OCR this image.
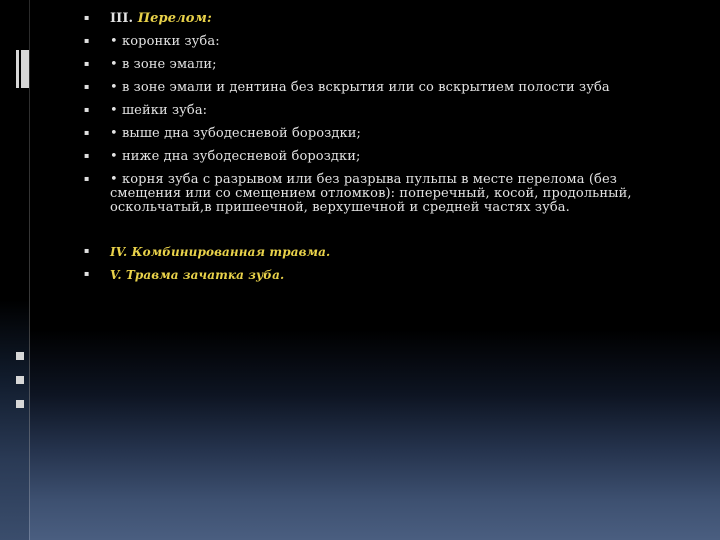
▪
III. Перелом:
▪
• коронки зуба:
▪
• в зоне эмали;
▪
• в зоне эмали и дентина без вскрытия или со вскрытием полости зуба
▪
• шейки зуба:
▪
• выше дна зубодесневой бороздки;
▪
• ниже дна зубодесневой бороздки;
▪
• корня зуба с разрывом или без разрыва пульпы в месте перелома (без смещения или со смещением отломков): поперечный, косой, продольный, оскольчатый,в пришеечной, верхушечной и средней частях зуба.
▪
IV. Комбинированная травма.
▪
V. Травма зачатка зуба.
